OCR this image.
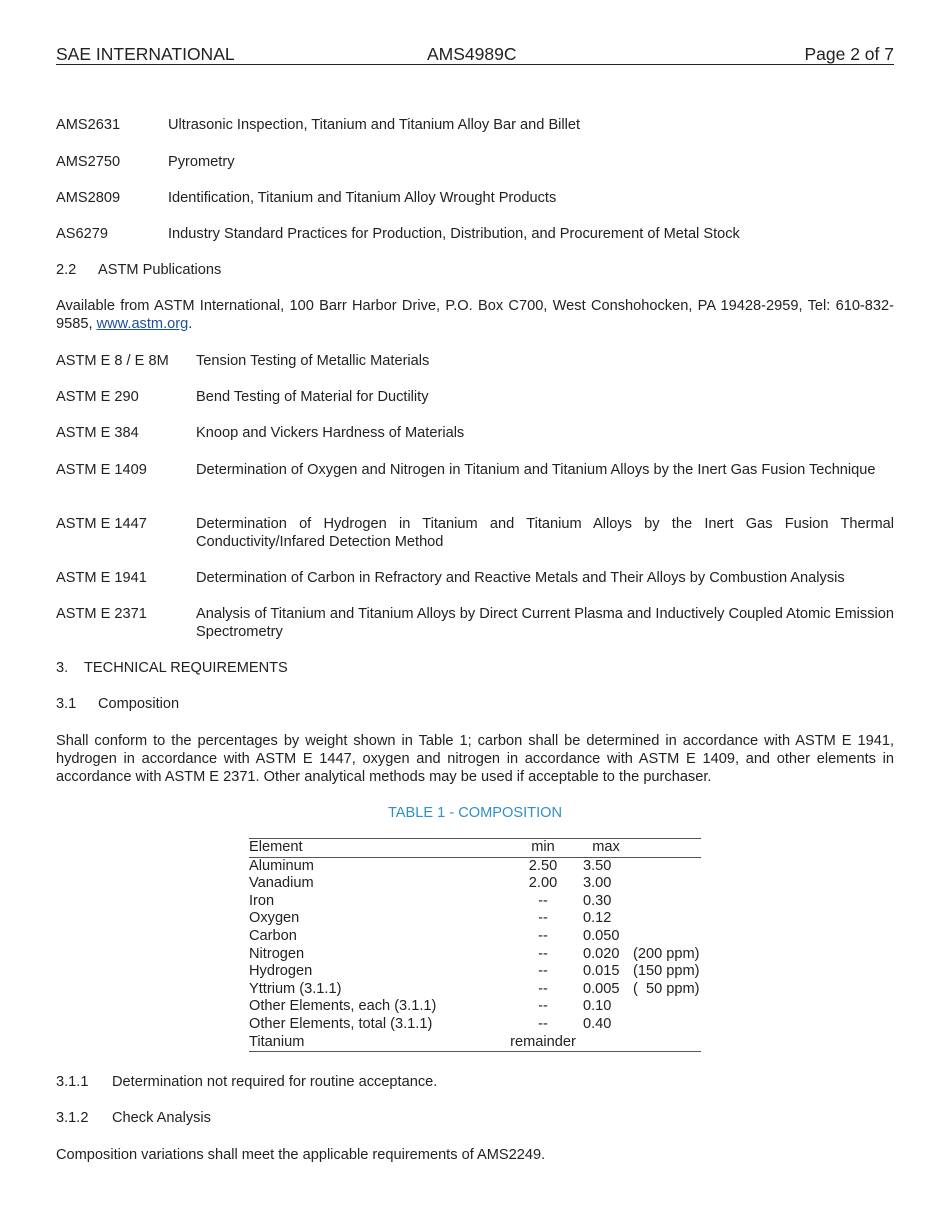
SAE INTERNATIONAL	AMS4989C	Page 2 of 7
AMS2631	Ultrasonic Inspection, Titanium and Titanium Alloy Bar and Billet
AMS2750	Pyrometry
AMS2809	Identification, Titanium and Titanium Alloy Wrought Products
AS6279	Industry Standard Practices for Production, Distribution, and Procurement of Metal Stock
2.2 ASTM Publications
Available from ASTM International, 100 Barr Harbor Drive, P.O. Box C700, West Conshohocken, PA 19428-2959, Tel: 610-832-9585, www.astm.org.
ASTM E 8 / E 8M Tension Testing of Metallic Materials
ASTM E 290	Bend Testing of Material for Ductility
ASTM E 384	Knoop and Vickers Hardness of Materials
ASTM E 1409	Determination of Oxygen and Nitrogen in Titanium and Titanium Alloys by the Inert Gas Fusion Technique
ASTM E 1447	Determination of Hydrogen in Titanium and Titanium Alloys by the Inert Gas Fusion Thermal Conductivity/Infared Detection Method
ASTM E 1941	Determination of Carbon in Refractory and Reactive Metals and Their Alloys by Combustion Analysis
ASTM E 2371	Analysis of Titanium and Titanium Alloys by Direct Current Plasma and Inductively Coupled Atomic Emission Spectrometry
3. TECHNICAL REQUIREMENTS
3.1 Composition
Shall conform to the percentages by weight shown in Table 1; carbon shall be determined in accordance with ASTM E 1941, hydrogen in accordance with ASTM E 1447, oxygen and nitrogen in accordance with ASTM E 1409, and other elements in accordance with ASTM E 2371. Other analytical methods may be used if acceptable to the purchaser.
TABLE 1 - COMPOSITION
Element	min	max	
Aluminum	2.50	3.50	
Vanadium	2.00	3.00	
Iron	--	0.30	
Oxygen	--	0.12	
Carbon	--	0.050	
Nitrogen	--	0.020	(200 ppm)
Hydrogen	--	0.015	(150 ppm)
Yttrium (3.1.1)	--	0.005	(  50 ppm)
Other Elements, each (3.1.1)	--	0.10	
Other Elements, total (3.1.1)	--	0.40	
Titanium	remainder		
3.1.1 Determination not required for routine acceptance.
3.1.2 Check Analysis
Composition variations shall meet the applicable requirements of AMS2249.
